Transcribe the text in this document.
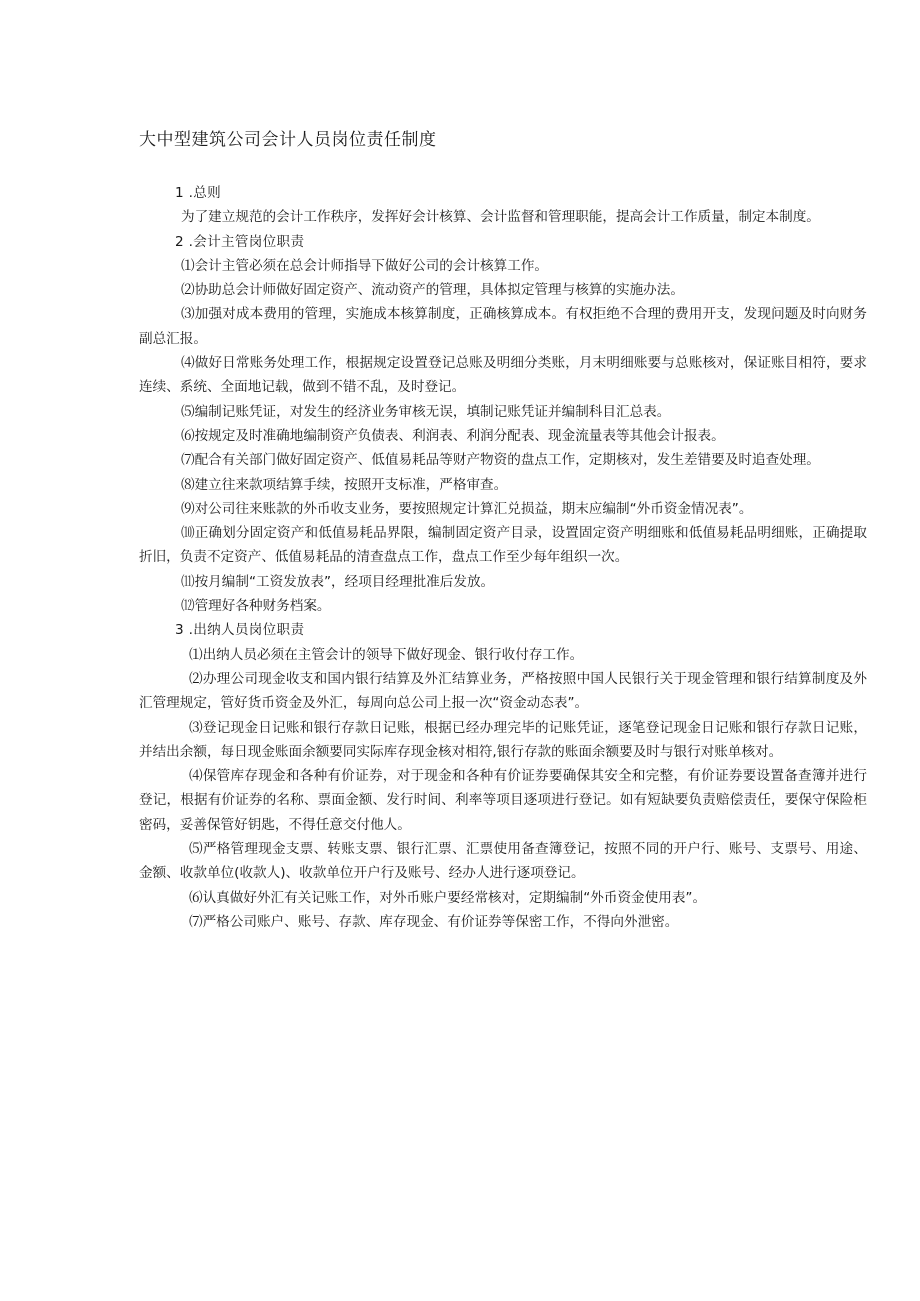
大中型建筑公司会计人员岗位责任制度

1 .总则

为了建立规范的会计工作秩序，发挥好会计核算、会计监督和管理职能，提高会计工作质量，制定本制度。

2 .会计主管岗位职责

⑴会计主管必须在总会计师指导下做好公司的会计核算工作。

⑵协助总会计师做好固定资产、流动资产的管理，具体拟定管理与核算的实施办法。

⑶加强对成本费用的管理，实施成本核算制度，正确核算成本。有权拒绝不合理的费用开支，发现问题及时向财务副总汇报。

⑷做好日常账务处理工作，根据规定设置登记总账及明细分类账，月末明细账要与总账核对，保证账目相符，要求连续、系统、全面地记载，做到不错不乱，及时登记。

⑸编制记账凭证，对发生的经济业务审核无误，填制记账凭证并编制科目汇总表。

⑹按规定及时准确地编制资产负债表、利润表、利润分配表、现金流量表等其他会计报表。

⑺配合有关部门做好固定资产、低值易耗品等财产物资的盘点工作，定期核对，发生差错要及时追查处理。

⑻建立往来款项结算手续，按照开支标准，严格审查。

⑼对公司往来账款的外币收支业务，要按照规定计算汇兑损益，期末应编制“外币资金情况表”。

⑽正确划分固定资产和低值易耗品界限，编制固定资产目录，设置固定资产明细账和低值易耗品明细账，正确提取折旧，负责不定资产、低值易耗品的清查盘点工作，盘点工作至少每年组织一次。

⑾按月编制“工资发放表”，经项目经理批准后发放。

⑿管理好各种财务档案。

3 .出纳人员岗位职责

⑴出纳人员必须在主管会计的领导下做好现金、银行收付存工作。

⑵办理公司现金收支和国内银行结算及外汇结算业务，严格按照中国人民银行关于现金管理和银行结算制度及外汇管理规定，管好货币资金及外汇，每周向总公司上报一次“资金动态表”。

⑶登记现金日记账和银行存款日记账，根据已经办理完毕的记账凭证，逐笔登记现金日记账和银行存款日记账，并结出余额，每日现金账面余额要同实际库存现金核对相符,银行存款的账面余额要及时与银行对账单核对。

⑷保管库存现金和各种有价证券，对于现金和各种有价证券要确保其安全和完整，有价证券要设置备查簿并进行登记，根据有价证券的名称、票面金额、发行时间、利率等项目逐项进行登记。如有短缺要负责赔偿责任，要保守保险柜密码，妥善保管好钥匙，不得任意交付他人。

⑸严格管理现金支票、转账支票、银行汇票、汇票使用备查簿登记，按照不同的开户行、账号、支票号、用途、金额、收款单位(收款人)、收款单位开户行及账号、经办人进行逐项登记。

⑹认真做好外汇有关记账工作，对外币账户要经常核对，定期编制“外币资金使用表”。

⑺严格公司账户、账号、存款、库存现金、有价证券等保密工作，不得向外泄密。
